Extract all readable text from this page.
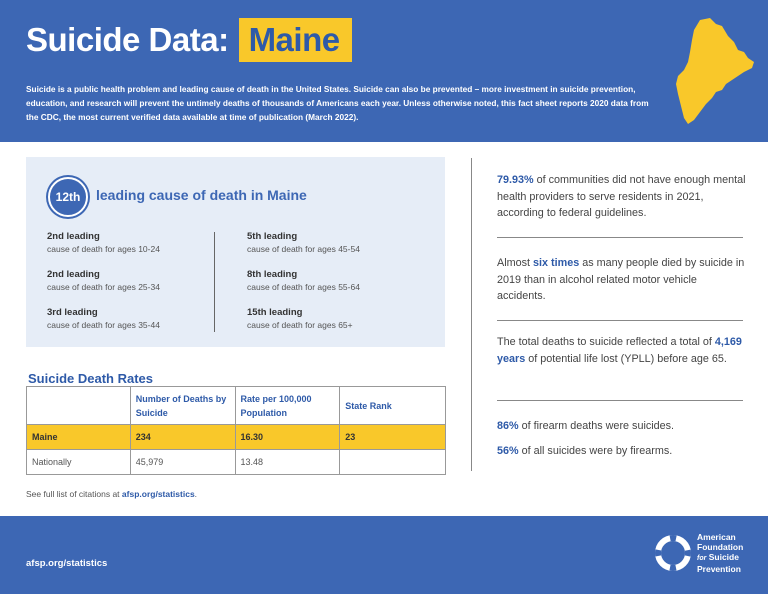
Suicide Data: Maine

Suicide is a public health problem and leading cause of death in the United States. Suicide can also be prevented – more investment in suicide prevention, education, and research will prevent the untimely deaths of thousands of Americans each year. Unless otherwise noted, this fact sheet reports 2020 data from the CDC, the most current verified data available at time of publication (March 2022).

12th	leading cause of death in Maine
2nd leading
cause of death for ages 10-24
2nd leading
cause of death for ages 25-34
3rd leading
cause of death for ages 35-44
5th leading
cause of death for ages 45-54
8th leading
cause of death for ages 55-64
15th leading
cause of death for ages 65+
Suicide Death Rates
	Number of Deaths by Suicide	Rate per 100,000 Population	State Rank
Maine	234	16.30	23
Nationally	45,979	13.48	
See full list of citations at afsp.org/statistics.

79.93% of communities did not have enough mental health providers to serve residents in 2021, according to federal guidelines.

Almost six times as many people died by suicide in 2019 than in alcohol related motor vehicle accidents.

The total deaths to suicide reflected a total of 4,169 years of potential life lost (YPLL) before age 65.

86% of firearm deaths were suicides.

56% of all suicides were by firearms.

afsp.org/statistics
American
Foundation
for Suicide
Prevention
